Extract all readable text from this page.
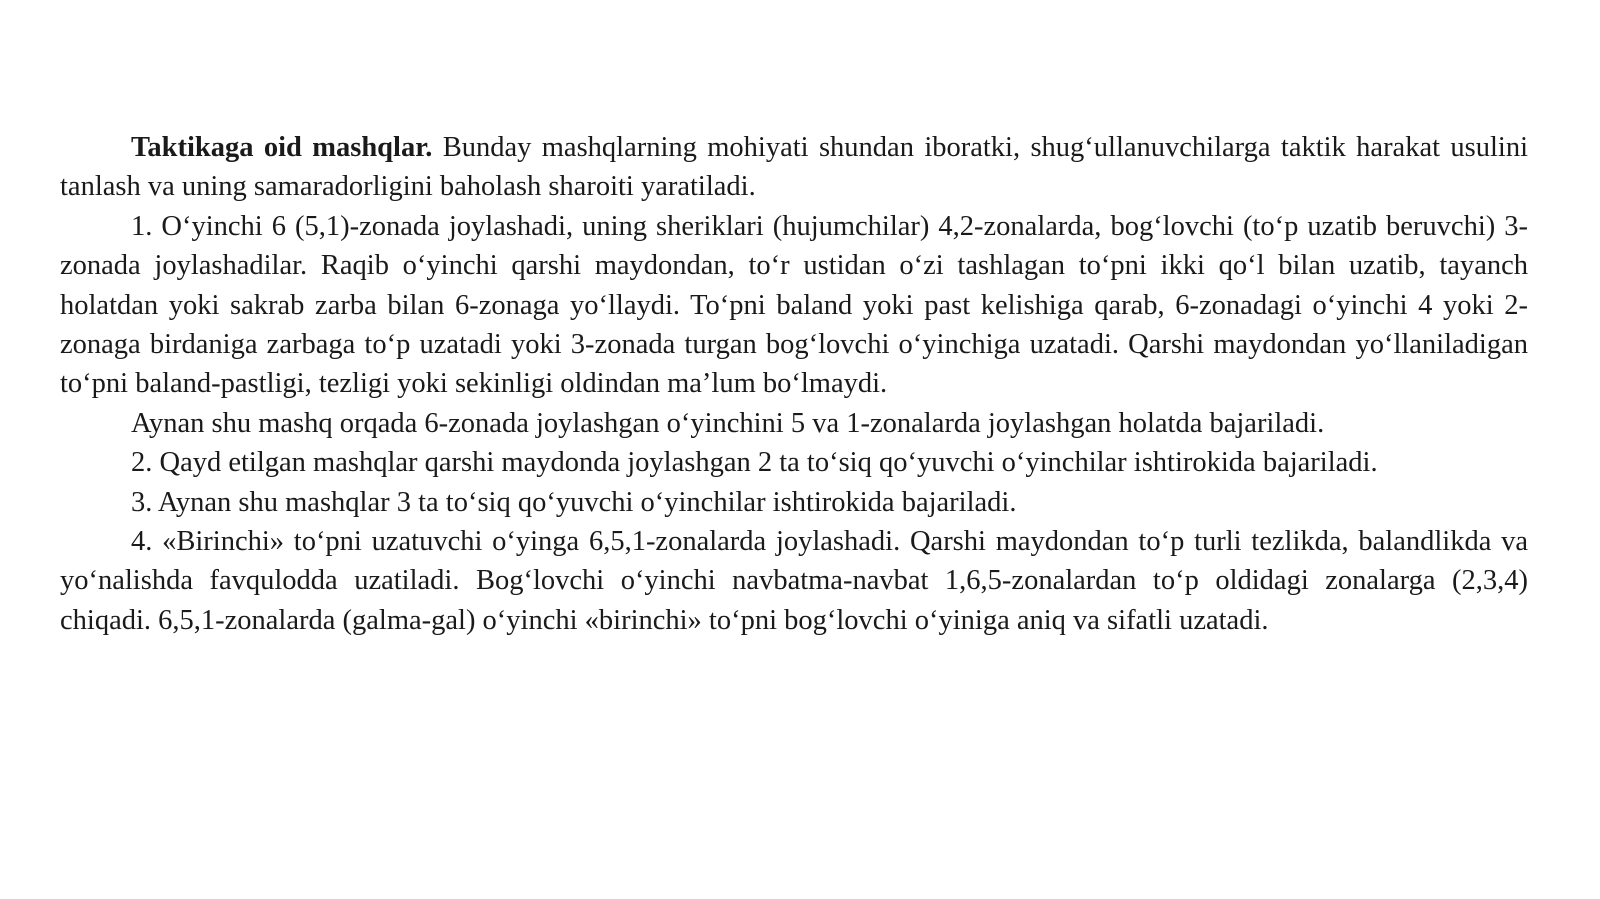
Taktikaga oid mashqlar. Bunday mashqlarning mohiyati shundan iboratki, shug‘ullanuvchilarga taktik harakat usulini tanlash va uning samaradorligini baholash sharoiti yaratiladi.

1. O‘yinchi 6 (5,1)-zonada joylashadi, uning sheriklari (hujumchilar) 4,2-zonalarda, bog‘lovchi (to‘p uzatib beruvchi) 3-zonada joylashadilar. Raqib o‘yinchi qarshi maydondan, to‘r ustidan o‘zi tashlagan to‘pni ikki qo‘l bilan uzatib, tayanch holatdan yoki sakrab zarba bilan 6-zonaga yo‘llaydi. To‘pni baland yoki past kelishiga qarab, 6-zonadagi o‘yinchi 4 yoki 2-zonaga birdaniga zarbaga to‘p uzatadi yoki 3-zonada turgan bog‘lovchi o‘yinchiga uzatadi. Qarshi maydondan yo‘llaniladigan to‘pni baland-pastligi, tezligi yoki sekinligi oldindan ma’lum bo‘lmaydi.

Aynan shu mashq orqada 6-zonada joylashgan o‘yinchini 5 va 1-zonalarda joylashgan holatda bajariladi.

2. Qayd etilgan mashqlar qarshi maydonda joylashgan 2 ta to‘siq qo‘yuvchi o‘yinchilar ishtirokida bajariladi.

3. Aynan shu mashqlar 3 ta to‘siq qo‘yuvchi o‘yinchilar ishtirokida bajariladi.

4. «Birinchi» to‘pni uzatuvchi o‘yinga 6,5,1-zonalarda joylashadi. Qarshi maydondan to‘p turli tezlikda, balandlikda va yo‘nalishda favqulodda uzatiladi. Bog‘lovchi o‘yinchi navbatma-navbat 1,6,5-zonalardan to‘p oldidagi zonalarga (2,3,4) chiqadi. 6,5,1-zonalarda (galma-gal) o‘yinchi «birinchi» to‘pni bog‘lovchi o‘yiniga aniq va sifatli uzatadi.
